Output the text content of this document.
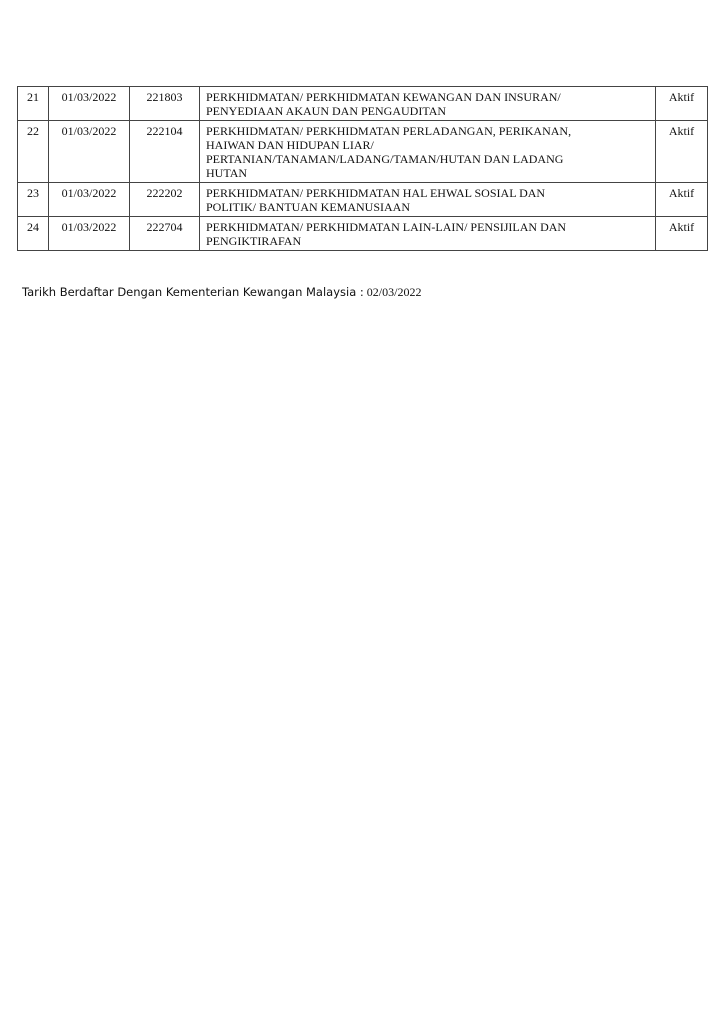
21	01/03/2022	221803	PERKHIDMATAN/ PERKHIDMATAN KEWANGAN DAN INSURAN/
PENYEDIAAN AKAUN DAN PENGAUDITAN	Aktif
22	01/03/2022	222104	PERKHIDMATAN/ PERKHIDMATAN PERLADANGAN, PERIKANAN,
HAIWAN DAN HIDUPAN LIAR/
PERTANIAN/TANAMAN/LADANG/TAMAN/HUTAN DAN LADANG
HUTAN	Aktif
23	01/03/2022	222202	PERKHIDMATAN/ PERKHIDMATAN HAL EHWAL SOSIAL DAN
POLITIK/ BANTUAN KEMANUSIAAN	Aktif
24	01/03/2022	222704	PERKHIDMATAN/ PERKHIDMATAN LAIN-LAIN/ PENSIJILAN DAN
PENGIKTIRAFAN	Aktif
Tarikh Berdaftar Dengan Kementerian Kewangan Malaysia : 02/03/2022
